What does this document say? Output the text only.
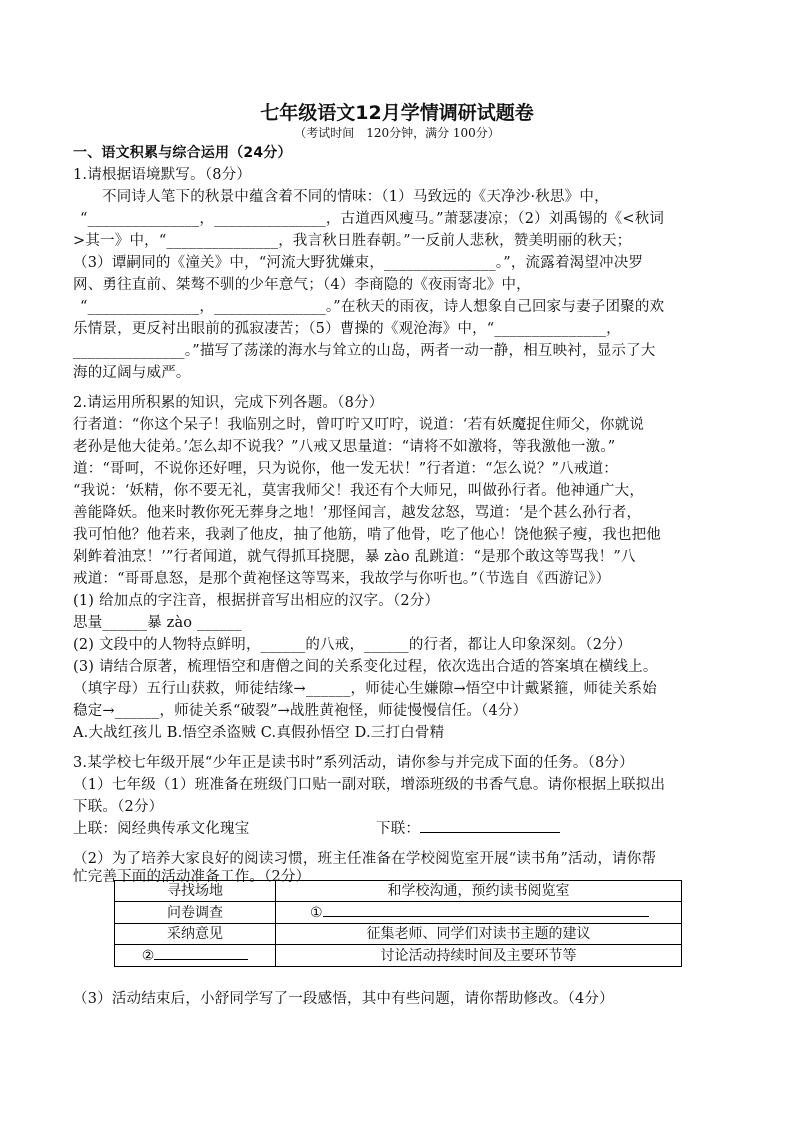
七年级语文12月学情调研试题卷
（考试时间　120分钟，满分 100分）
一、语文积累与综合运用（24分）
1.请根据语境默写。（8分）
不同诗人笔下的秋景中蕴含着不同的情味：（1）马致远的《天净沙·秋思》中，
“_______________，_______________，古道西风瘦马。”萧瑟凄凉；（2）刘禹锡的《<秋词
>其一》中，“_______________，我言秋日胜春朝。”一反前人悲秋，赞美明丽的秋天；
（3）谭嗣同的《潼关》中，“河流大野犹嫌束，_______________。”，流露着渴望冲决罗
网、勇往直前、桀骜不驯的少年意气；（4）李商隐的《夜雨寄北》中，
“_______________，_______________。”在秋天的雨夜，诗人想象自己回家与妻子团聚的欢
乐情景，更反衬出眼前的孤寂凄苦；（5）曹操的《观沧海》中，“_______________，
_______________。”描写了荡漾的海水与耸立的山岛，两者一动一静，相互映衬，显示了大
海的辽阔与威严。
2.请运用所积累的知识，完成下列各题。（8分）
行者道：“你这个呆子！我临别之时，曾叮咛又叮咛，说道：‘若有妖魔捉住师父，你就说
老孙是他大徒弟。’怎么却不说我？”八戒又思量道：“请将不如激将，等我激他一激。”
道：“哥呵，不说你还好哩，只为说你，他一发无状！”行者道：“怎么说？”八戒道：
“我说：‘妖精，你不要无礼，莫害我师父！我还有个大师兄，叫做孙行者。他神通广大，
善能降妖。他来时教你死无葬身之地！’那怪闻言，越发忿怒，骂道：‘是个甚么孙行者，
我可怕他？他若来，我剥了他皮，抽了他筋，啃了他骨，吃了他心！饶他猴子瘦，我也把他
剁鲊着油烹！’”行者闻道，就气得抓耳挠腮，暴 zào 乱跳道：“是那个敢这等骂我！”八
戒道：“哥哥息怒，是那个黄袍怪这等骂来，我故学与你听也。”（节选自《西游记》）
(1) 给加点的字注音，根据拼音写出相应的汉字。（2分）
思量______暴 zào ______
(2) 文段中的人物特点鲜明，______的八戒，______的行者，都让人印象深刻。（2分）
(3) 请结合原著，梳理悟空和唐僧之间的关系变化过程，依次选出合适的答案填在横线上。
（填字母）五行山获救，师徒结缘→______，师徒心生嫌隙→悟空中计戴紧箍，师徒关系始
稳定→______，师徒关系“破裂”→战胜黄袍怪，师徒慢慢信任。（4分）
A.大战红孩儿 B.悟空杀盗贼 C.真假孙悟空 D.三打白骨精
3.某学校七年级开展“少年正是读书时”系列活动，请你参与并完成下面的任务。（8分）
（1）七年级（1）班准备在班级门口贴一副对联，增添班级的书香气息。请你根据上联拟出
下联。（2分）
上联：阅经典传承文化瑰宝	下联：
（2）为了培养大家良好的阅读习惯，班主任准备在学校阅览室开展“读书角”活动，请你帮
忙完善下面的活动准备工作。（2分）
寻找场地	和学校沟通，预约读书阅览室
问卷调查	①
采纳意见	征集老师、同学们对读书主题的建议
②	讨论活动持续时间及主要环节等
（3）活动结束后，小舒同学写了一段感悟，其中有些问题，请你帮助修改。（4分）
